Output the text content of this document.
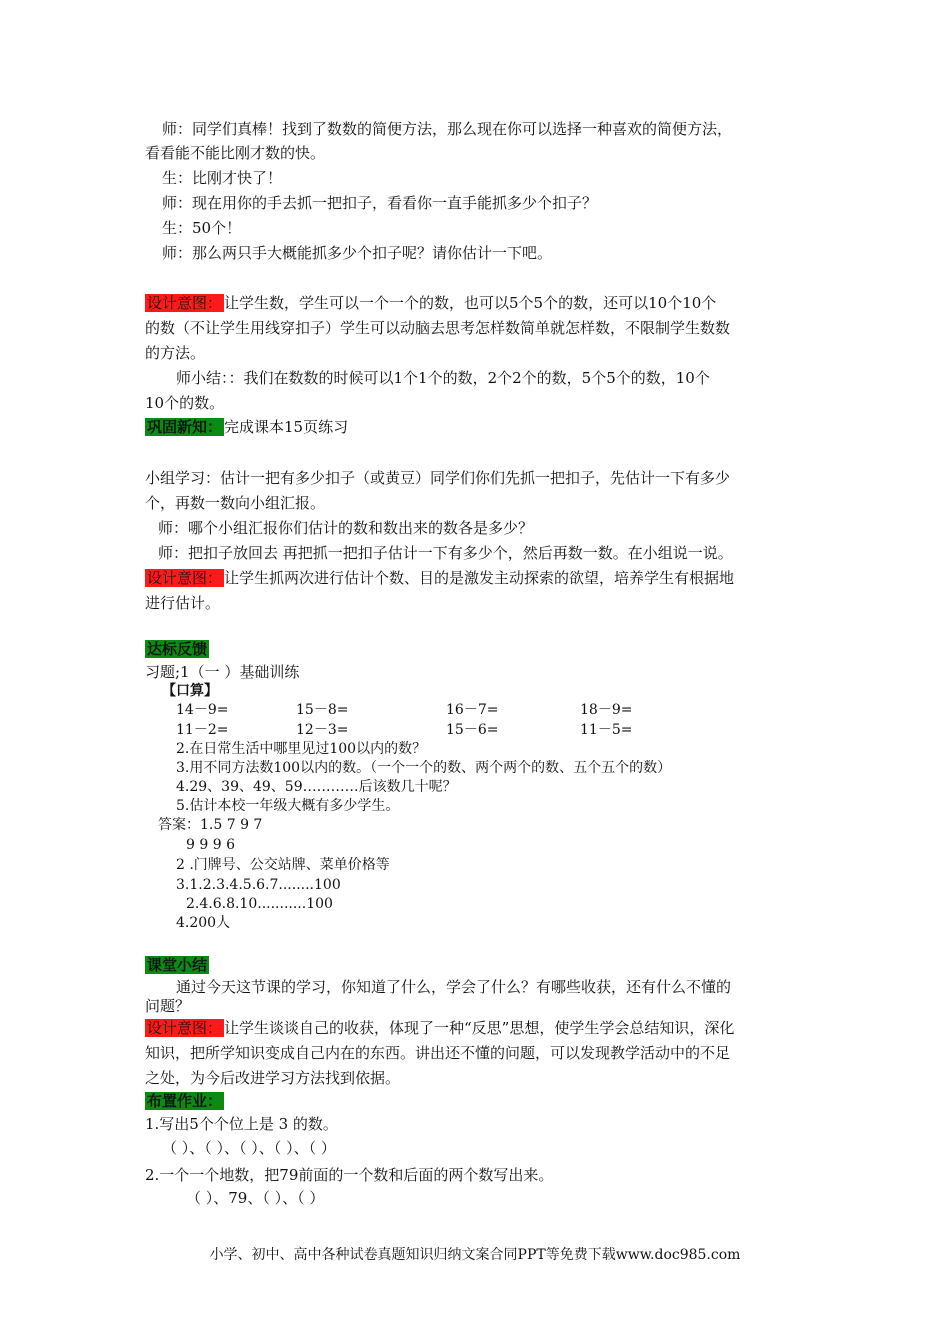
师：同学们真棒！找到了数数的简便方法，那么现在你可以选择一种喜欢的简便方法，
看看能不能比刚才数的快。
生：比刚才快了！
师：现在用你的手去抓一把扣子，看看你一直手能抓多少个扣子？
生：50个！
师：那么两只手大概能抓多少个扣子呢？请你估计一下吧。
设计意图： 让学生数，学生可以一个一个的数，也可以5个5个的数，还可以10个10个
的数（不让学生用线穿扣子）学生可以动脑去思考怎样数简单就怎样数，不限制学生数数
的方法。
师小结：：我们在数数的时候可以1个1个的数，2个2个的数，5个5个的数，10个
10个的数。
巩固新知： 完成课本15页练习
小组学习：估计一把有多少扣子（或黄豆）同学们你们先抓一把扣子，先估计一下有多少
个，再数一数向小组汇报。
师：哪个小组汇报你们估计的数和数出来的数各是多少？
师：把扣子放回去 再把抓一把扣子估计一下有多少个，然后再数一数。在小组说一说。
设计意图： 让学生抓两次进行估计个数、目的是激发主动探索的欲望，培养学生有根据地
进行估计。
达标反馈
习题;1（一 ）基础训练
【口算】
14－9=	15－8=	16－7=	18－9=
11－2=	12－3=	15－6=	11－5=
2.在日常生活中哪里见过100以内的数？
3.用不同方法数100以内的数。（一个一个的数、两个两个的数、五个五个的数）
4.29、39、49、59…………后该数几十呢？
5.估计本校一年级大概有多少学生。
答案：1.5 7 9 7
9 9 9 6
2 .门牌号、公交站牌、菜单价格等
3.1.2.3.4.5.6.7........100
2.4.6.8.10...........100
4.200人
课堂小结
通过今天这节课的学习，你知道了什么，学会了什么？有哪些收获，还有什么不懂的
问题？
设计意图： 让学生谈谈自己的收获，体现了一种“反思”思想，使学生学会总结知识，深化
知识，把所学知识变成自己内在的东西。讲出还不懂的问题，可以发现教学活动中的不足
之处，为今后改进学习方法找到依据。
布置作业：
1.写出5个个位上是 3 的数。
（ ）、（ ）、（ ）、（ ）、（ ）
2.一个一个地数，把79前面的一个数和后面的两个数写出来。
（ ）、79、（ ）、（ ）
小学、初中、高中各种试卷真题知识归纳文案合同PPT等免费下载www.doc985.com
